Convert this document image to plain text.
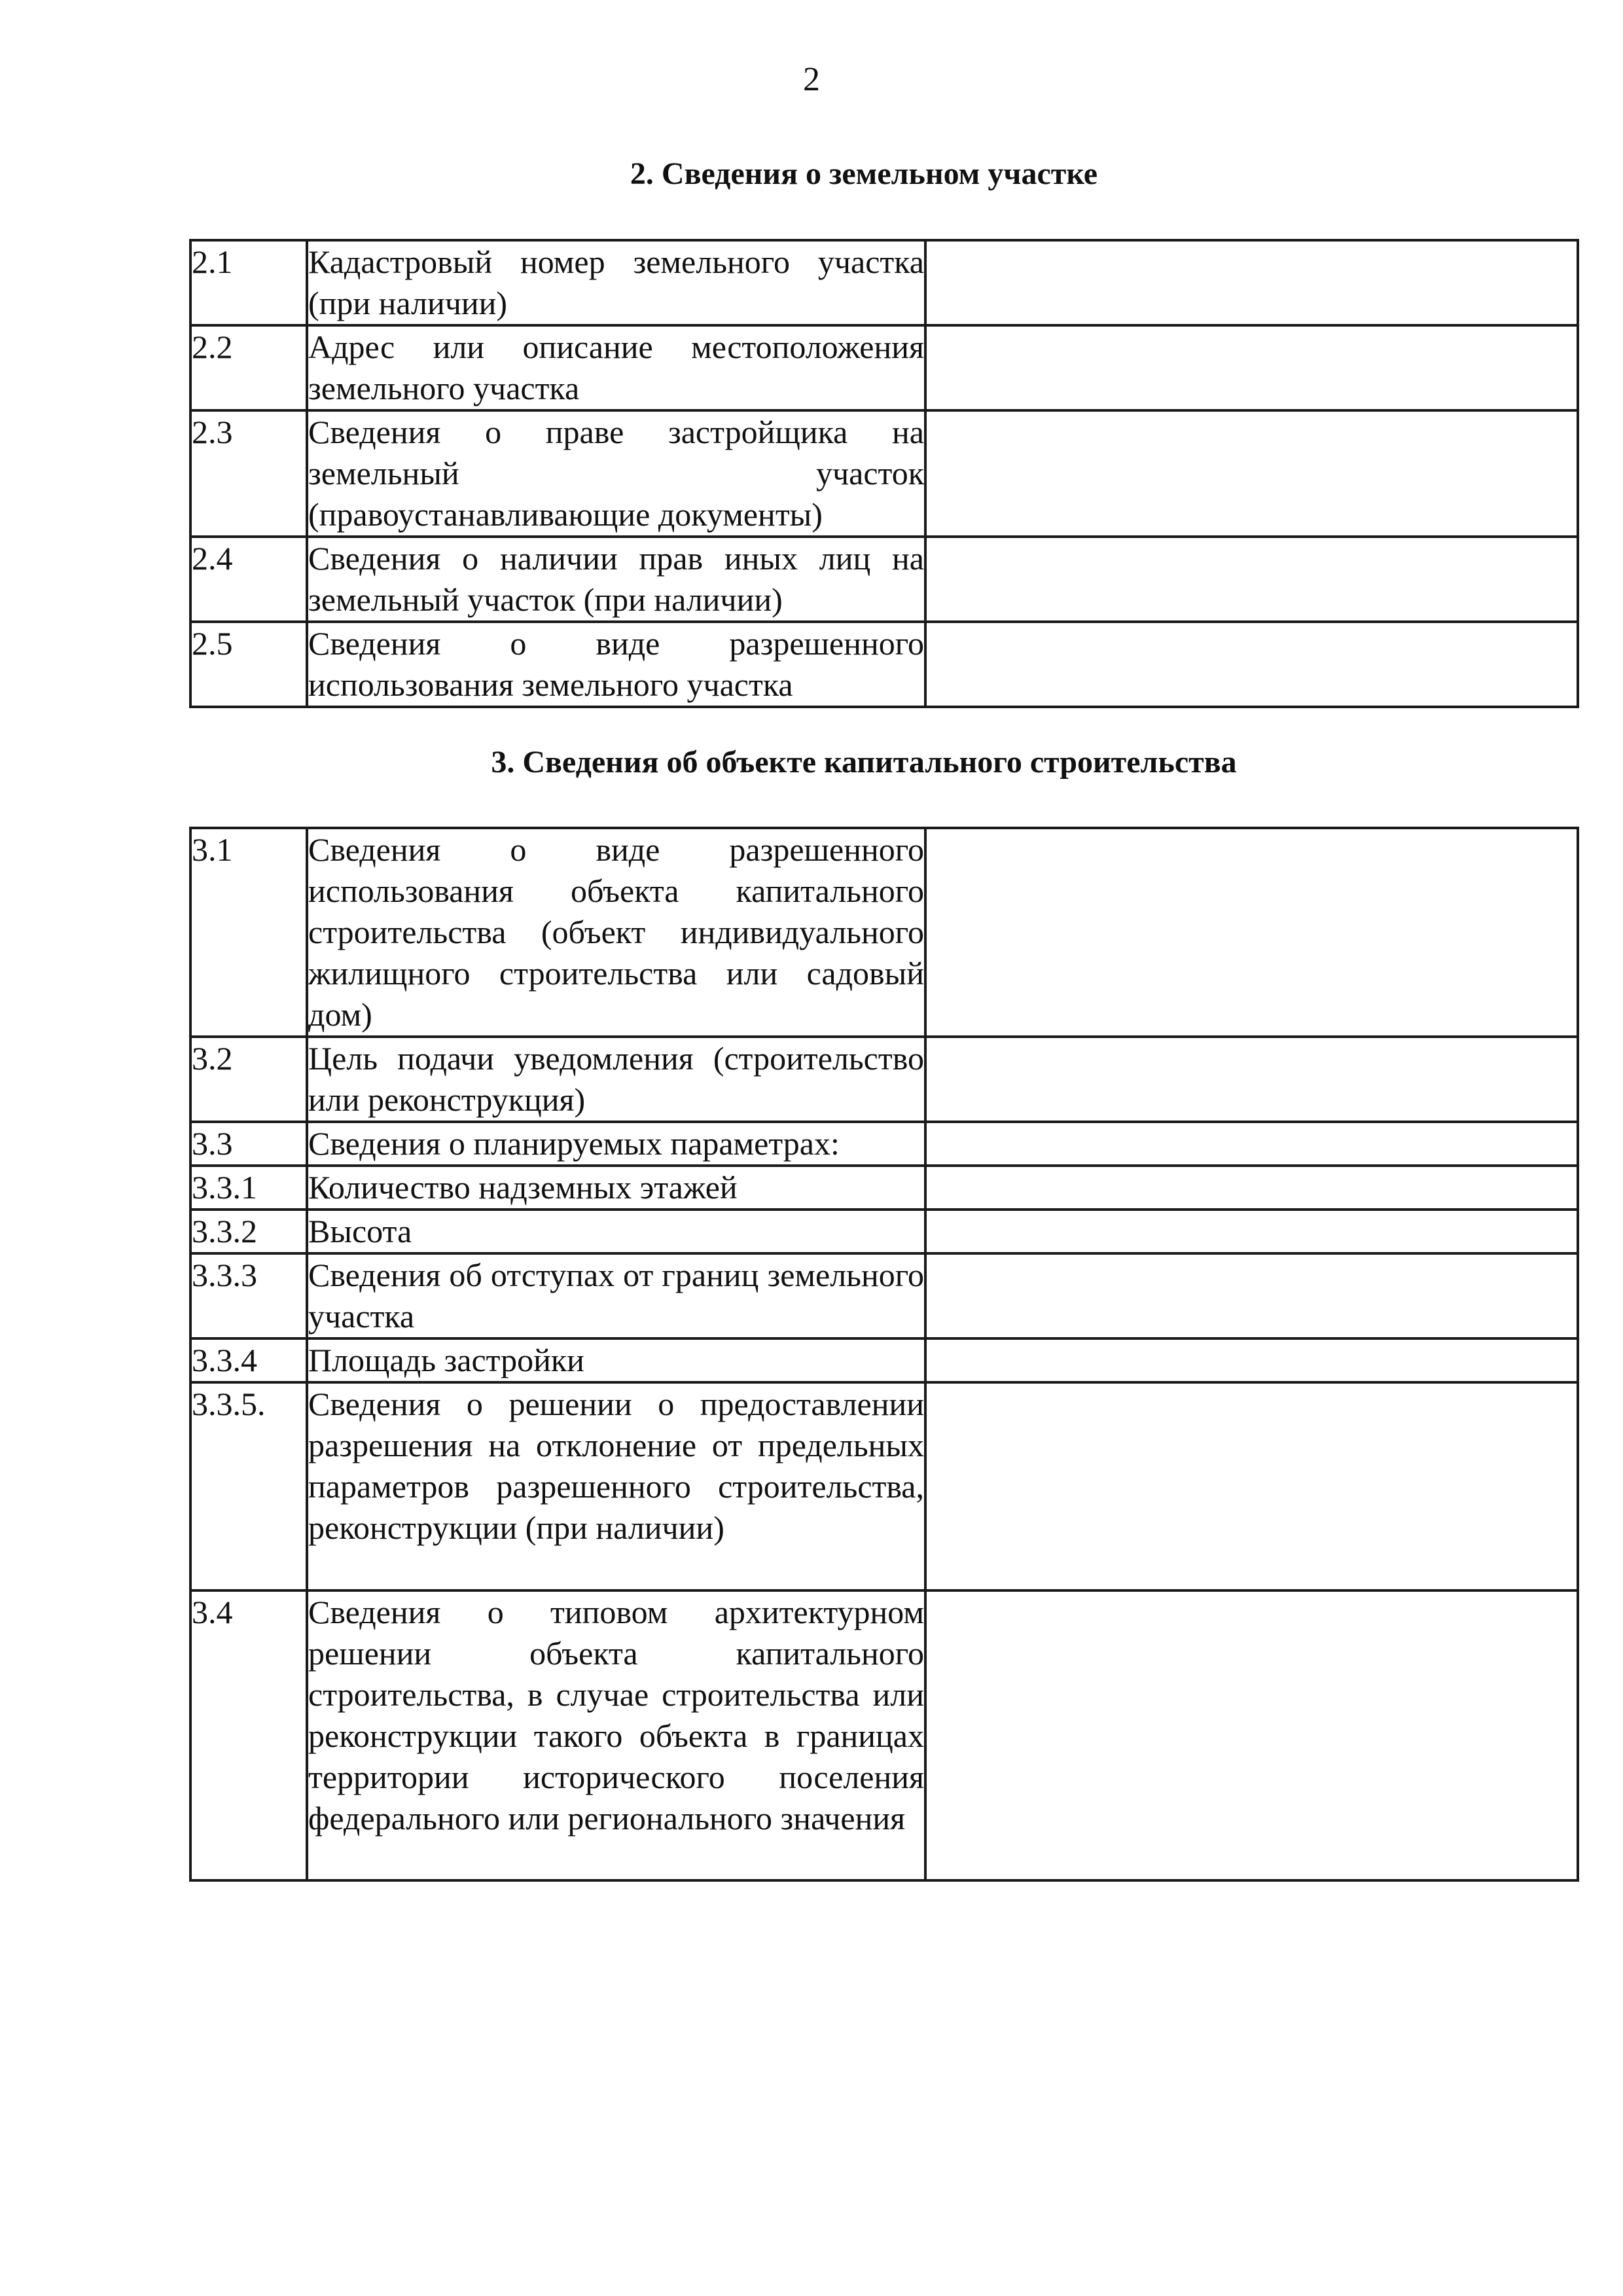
2
2. Сведения о земельном участке
2.1	Кадастровый номер земельного участка (при наличии)	

2.2	Адрес или описание местоположения земельного участка	

2.3	Сведения о праве застройщика на земельный участок (правоустанавливающие документы)	

2.4	Сведения о наличии прав иных лиц на земельный участок (при наличии)	

2.5	Сведения о виде разрешенного использования земельного участка	

3. Сведения об объекте капитального строительства
3.1	Сведения о виде разрешенного использования объекта капитального строительства (объект индивидуального жилищного строительства или садовый дом)	

3.2	Цель подачи уведомления (строительство или реконструкция)	

3.3	Сведения о планируемых параметрах:	

3.3.1	Количество надземных этажей	

3.3.2	Высота	

3.3.3	Сведения об отступах от границ земельного участка	

3.3.4	Площадь застройки	

3.3.5.	Сведения о решении о предоставлении разрешения на отклонение от предельных параметров разрешенного строительства, реконструкции (при наличии)	

3.4	Сведения о типовом архитектурном решении объекта капитального строительства, в случае строительства или реконструкции такого объекта в границах территории исторического поселения федерального или регионального значения	
